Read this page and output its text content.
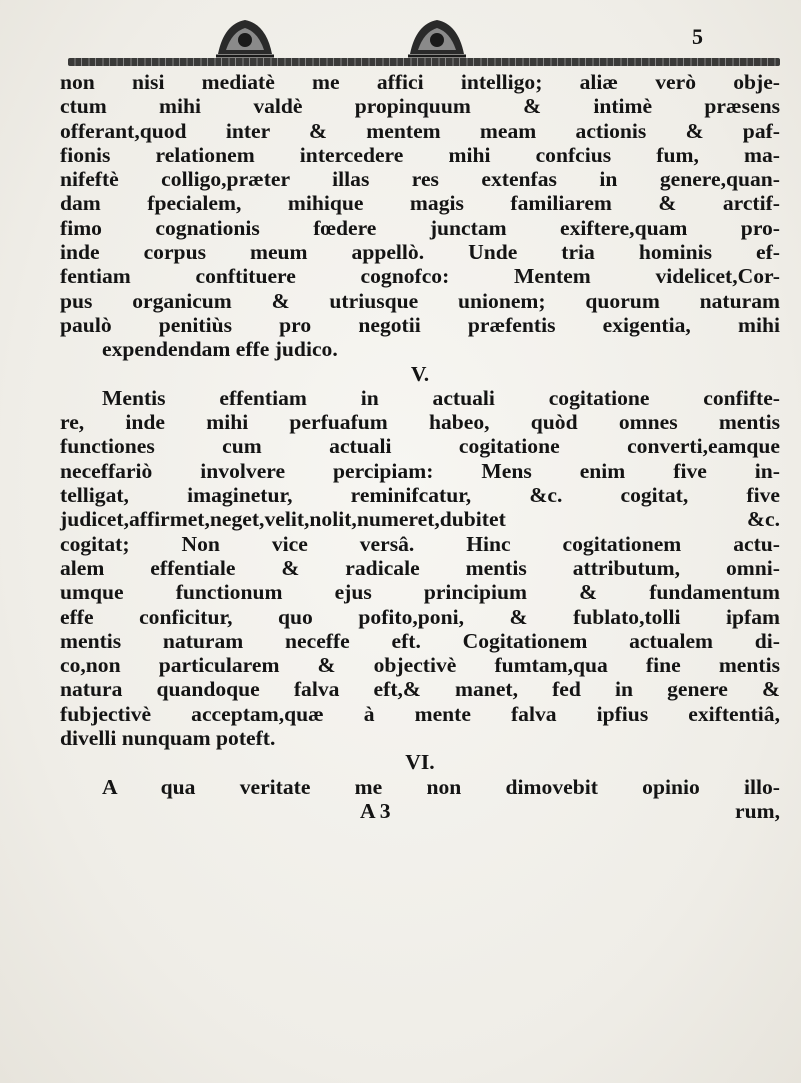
5
non nisi mediatè me affici intelligo; aliæ verò obje-
ctum mihi valdè propinquum & intimè præsens
offerant,quod inter & mentem meam actionis & paf-
fionis relationem intercedere mihi confcius fum, ma-
nifeftè colligo,præter illas res extenfas in genere,quan-
dam fpecialem, mihique magis familiarem & arctif-
fimo cognationis fœdere junctam exiftere,quam pro-
inde corpus meum appellò. Unde tria hominis ef-
fentiam conftituere cognofco: Mentem videlicet,Cor-
pus organicum & utriusque unionem; quorum naturam
paulò penitiùs pro negotii præfentis exigentia, mihi
expendendam effe judico.
V.
Mentis effentiam in actuali cogitatione confifte-
re, inde mihi perfuafum habeo, quòd omnes mentis
functiones cum actuali cogitatione converti,eamque
neceffariò involvere percipiam: Mens enim five in-
telligat, imaginetur, reminifcatur, &c. cogitat, five
judicet,affirmet,neget,velit,nolit,numeret,dubitet &c.
cogitat; Non vice versâ. Hinc cogitationem actu-
alem effentiale & radicale mentis attributum, omni-
umque functionum ejus principium & fundamentum
effe conficitur, quo pofito,poni, & fublato,tolli ipfam
mentis naturam neceffe eft. Cogitationem actualem di-
co,non particularem & objectivè fumtam,qua fine mentis
natura quandoque falva eft,& manet, fed in genere &
fubjectivè acceptam,quæ à mente falva ipfius exiftentiâ,
divelli nunquam poteft.
VI.
A qua veritate me non dimovebit opinio illo-
A 3	rum,
